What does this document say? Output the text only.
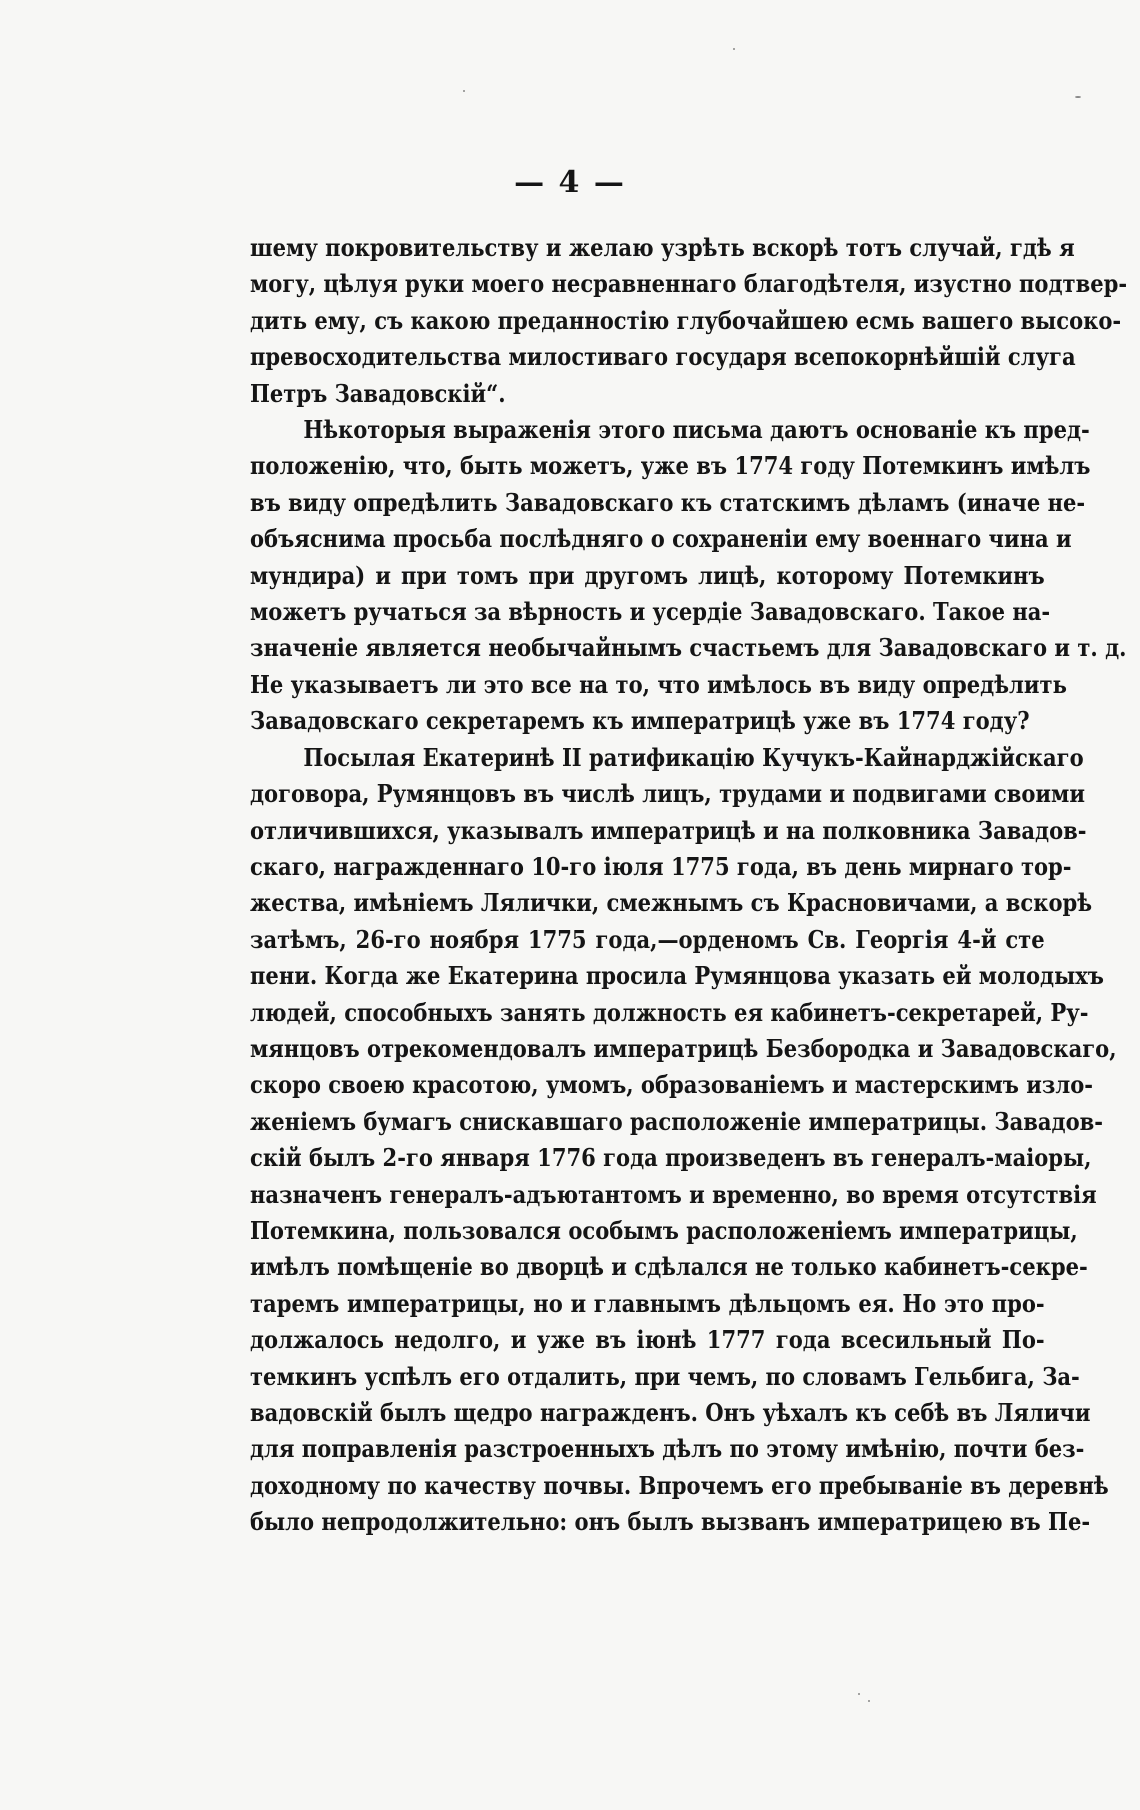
— 4 —

шему покровительству и желаю узрѣть вскорѣ тотъ случай, гдѣ я
могу, цѣлуя руки моего несравненнаго благодѣтеля, изустно подтвер-
дить ему, съ какою преданностію глубочайшею есмь вашего высоко-
превосходительства милостиваго государя всепокорнѣйшій слуга
Петръ Завадовскій“.

Нѣкоторыя выраженія этого письма даютъ основаніе къ пред-
положенію, что, быть можетъ, уже въ 1774 году Потемкинъ имѣлъ
въ виду опредѣлить Завадовскаго къ статскимъ дѣламъ (иначе не-
объяснима просьба послѣдняго о сохраненіи ему военнаго чина и
мундира) и при томъ при другомъ лицѣ, которому Потемкинъ
можетъ ручаться за вѣрность и усердіе Завадовскаго. Такое на-
значеніе является необычайнымъ счастьемъ для Завадовскаго и т. д.
Не указываетъ ли это все на то, что имѣлось въ виду опредѣлить
Завадовскаго секретаремъ къ императрицѣ уже въ 1774 году?

Посылая Екатеринѣ II ратификацію Кучукъ-Кайнарджійскаго
договора, Румянцовъ въ числѣ лицъ, трудами и подвигами своими
отличившихся, указывалъ императрицѣ и на полковника Завадов-
скаго, награжденнаго 10-го іюля 1775 года, въ день мирнаго тор-
жества, имѣніемъ Лялички, смежнымъ съ Красновичами, а вскорѣ
затѣмъ, 26-го ноября 1775 года,—орденомъ Св. Георгія 4-й сте
пени. Когда же Екатерина просила Румянцова указать ей молодыхъ
людей, способныхъ занять должность ея кабинетъ-секретарей, Ру-
мянцовъ отрекомендовалъ императрицѣ Безбородка и Завадовскаго,
скоро своею красотою, умомъ, образованіемъ и мастерскимъ изло-
женіемъ бумагъ снискавшаго расположеніе императрицы. Завадов-
скій былъ 2-го января 1776 года произведенъ въ генералъ-маіоры,
назначенъ генералъ-адъютантомъ и временно, во время отсутствія
Потемкина, пользовался особымъ расположеніемъ императрицы,
имѣлъ помѣщеніе во дворцѣ и сдѣлался не только кабинетъ-секре-
таремъ императрицы, но и главнымъ дѣльцомъ ея. Но это про-
должалось недолго, и уже въ іюнѣ 1777 года всесильный По-
темкинъ успѣлъ его отдалить, при чемъ, по словамъ Гельбига, За-
вадовскій былъ щедро награжденъ. Онъ уѣхалъ къ себѣ въ Ляличи
для поправленія разстроенныхъ дѣлъ по этому имѣнію, почти без-
доходному по качеству почвы. Впрочемъ его пребываніе въ деревнѣ
было непродолжительно: онъ былъ вызванъ императрицею въ Пе-
